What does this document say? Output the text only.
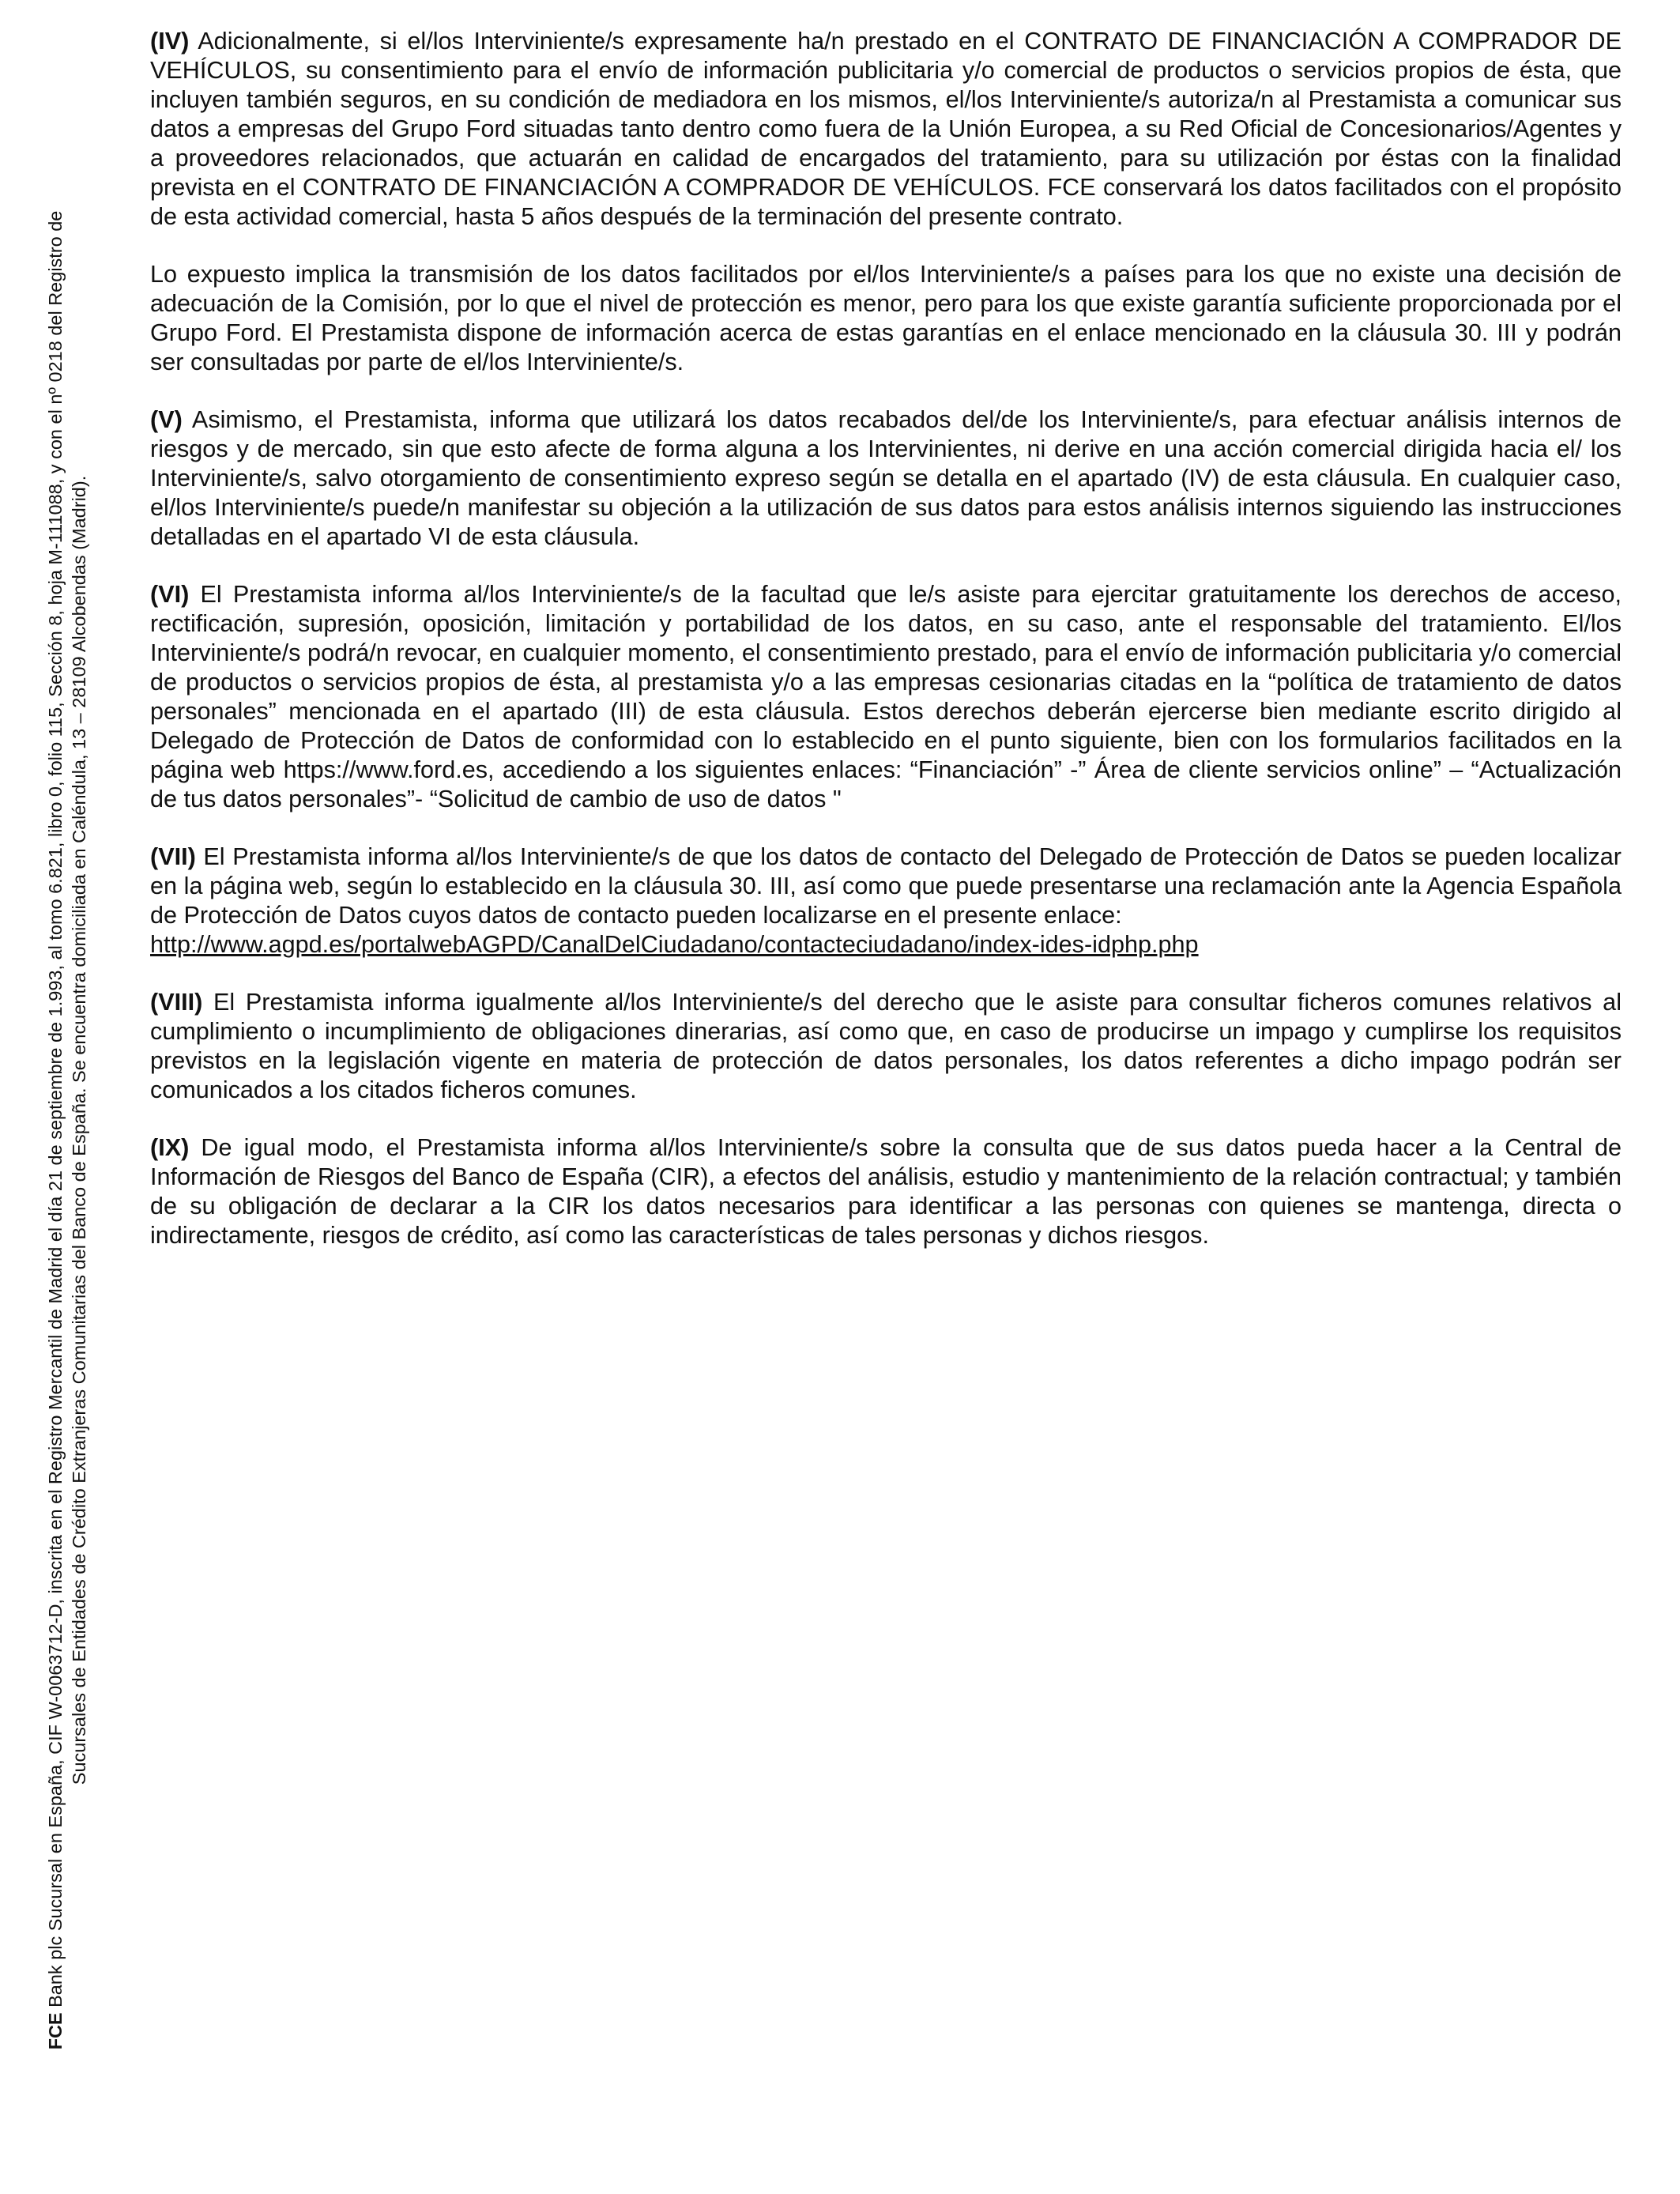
FCE Bank plc Sucursal en España, CIF W-0063712-D, inscrita en el Registro Mercantil de Madrid el día 21 de septiembre de 1.993, al tomo 6.821, libro 0, folio 115, Sección 8, hoja M-111088, y con el nº 0218 del Registro de Sucursales de Entidades de Crédito Extranjeras Comunitarias del Banco de España. Se encuentra domiciliada en Caléndula, 13 – 28109 Alcobendas (Madrid).

(IV) Adicionalmente, si el/los Interviniente/s expresamente ha/n prestado en el CONTRATO DE FINANCIACIÓN A COMPRADOR DE VEHÍCULOS, su consentimiento para el envío de información publicitaria y/o comercial de productos o servicios propios de ésta, que incluyen también seguros, en su condición de mediadora en los mismos, el/los Interviniente/s autoriza/n al Prestamista a comunicar sus datos a empresas del Grupo Ford situadas tanto dentro como fuera de la Unión Europea, a su Red Oficial de Concesionarios/Agentes y a proveedores relacionados, que actuarán en calidad de encargados del tratamiento, para su utilización por éstas con la finalidad prevista en el CONTRATO DE FINANCIACIÓN A COMPRADOR DE VEHÍCULOS. FCE conservará los datos facilitados con el propósito de esta actividad comercial, hasta 5 años después de la terminación del presente contrato.

Lo expuesto implica la transmisión de los datos facilitados por el/los Interviniente/s a países para los que no existe una decisión de adecuación de la Comisión, por lo que el nivel de protección es menor, pero para los que existe garantía suficiente proporcionada por el Grupo Ford. El Prestamista dispone de información acerca de estas garantías en el enlace mencionado en la cláusula 30. III y podrán ser consultadas por parte de el/los Interviniente/s.

(V) Asimismo, el Prestamista, informa que utilizará los datos recabados del/de los Interviniente/s, para efectuar análisis internos de riesgos y de mercado, sin que esto afecte de forma alguna a los Intervinientes, ni derive en una acción comercial dirigida hacia el/ los Interviniente/s, salvo otorgamiento de consentimiento expreso según se detalla en el apartado (IV) de esta cláusula. En cualquier caso, el/los Interviniente/s puede/n manifestar su objeción a la utilización de sus datos para estos análisis internos siguiendo las instrucciones detalladas en el apartado VI de esta cláusula.

(VI) El Prestamista informa al/los Interviniente/s de la facultad que le/s asiste para ejercitar gratuitamente los derechos de acceso, rectificación, supresión, oposición, limitación y portabilidad de los datos, en su caso, ante el responsable del tratamiento. El/los Interviniente/s podrá/n revocar, en cualquier momento, el consentimiento prestado, para el envío de información publicitaria y/o comercial de productos o servicios propios de ésta, al prestamista y/o a las empresas cesionarias citadas en la “política de tratamiento de datos personales” mencionada en el apartado (III) de esta cláusula. Estos derechos deberán ejercerse bien mediante escrito dirigido al Delegado de Protección de Datos de conformidad con lo establecido en el punto siguiente, bien con los formularios facilitados en la página web https://www.ford.es, accediendo a los siguientes enlaces: “Financiación” -” Área de cliente servicios online” – “Actualización de tus datos personales”- “Solicitud de cambio de uso de datos "

(VII) El Prestamista informa al/los Interviniente/s de que los datos de contacto del Delegado de Protección de Datos se pueden localizar en la página web, según lo establecido en la cláusula 30. III, así como que puede presentarse una reclamación ante la Agencia Española de Protección de Datos cuyos datos de contacto pueden localizarse en el presente enlace:
http://www.agpd.es/portalwebAGPD/CanalDelCiudadano/contacteciudadano/index-ides-idphp.php

(VIII) El Prestamista informa igualmente al/los Interviniente/s del derecho que le asiste para consultar ficheros comunes relativos al cumplimiento o incumplimiento de obligaciones dinerarias, así como que, en caso de producirse un impago y cumplirse los requisitos previstos en la legislación vigente en materia de protección de datos personales, los datos referentes a dicho impago podrán ser comunicados a los citados ficheros comunes.

(IX) De igual modo, el Prestamista informa al/los Interviniente/s sobre la consulta que de sus datos pueda hacer a la Central de Información de Riesgos del Banco de España (CIR), a efectos del análisis, estudio y mantenimiento de la relación contractual; y también de su obligación de declarar a la CIR los datos necesarios para identificar a las personas con quienes se mantenga, directa o indirectamente, riesgos de crédito, así como las características de tales personas y dichos riesgos.
